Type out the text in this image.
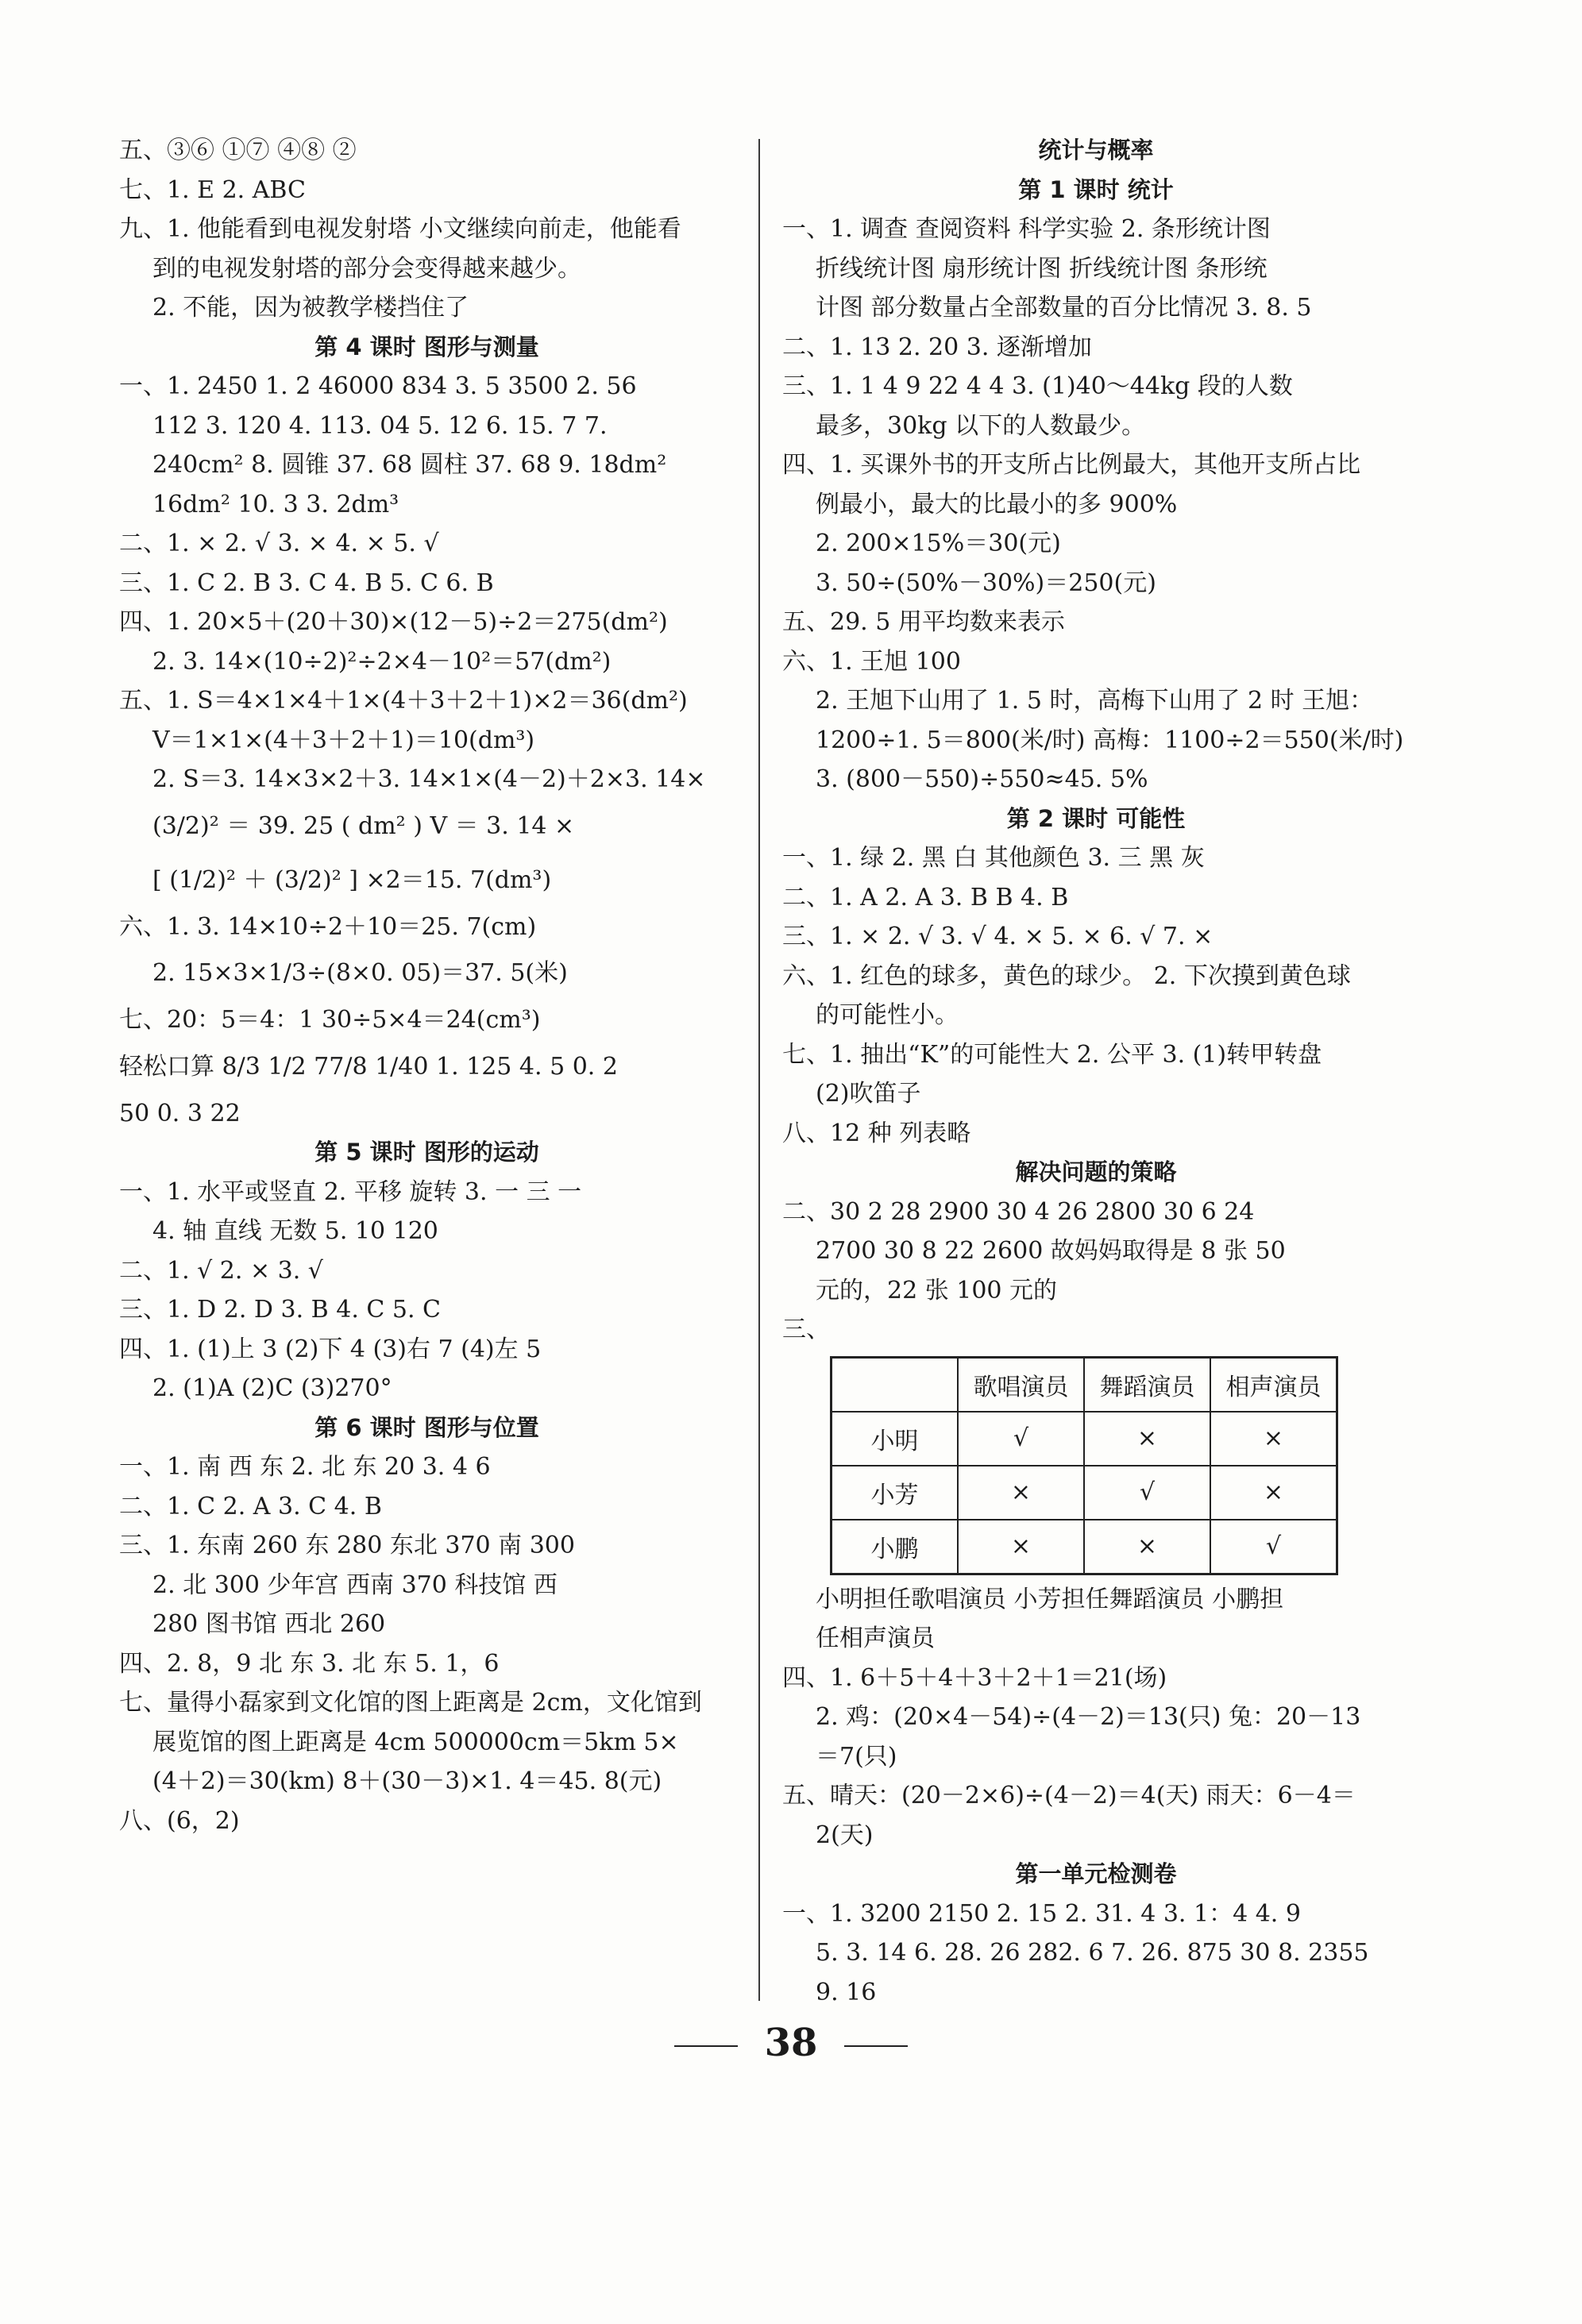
五、③⑥ ①⑦ ④⑧ ②
七、1. E 2. ABC
九、1. 他能看到电视发射塔 小文继续向前走，他能看
到的电视发射塔的部分会变得越来越少。
2. 不能，因为被教学楼挡住了
第 4 课时 图形与测量
一、1. 2450 1. 2 46000 834 3. 5 3500 2. 56
112 3. 120 4. 113. 04 5. 12 6. 15. 7 7.
240cm² 8. 圆锥 37. 68 圆柱 37. 68 9. 18dm²
16dm² 10. 3 3. 2dm³
二、1. × 2. √ 3. × 4. × 5. √
三、1. C 2. B 3. C 4. B 5. C 6. B
四、1. 20×5＋(20＋30)×(12－5)÷2＝275(dm²)
2. 3. 14×(10÷2)²÷2×4－10²＝57(dm²)
五、1. S＝4×1×4＋1×(4＋3＋2＋1)×2＝36(dm²)
V＝1×1×(4＋3＋2＋1)＝10(dm³)
2. S＝3. 14×3×2＋3. 14×1×(4－2)＋2×3. 14×
(3/2)² ＝ 39. 25 ( dm² ) V ＝ 3. 14 ×
[ (1/2)² ＋ (3/2)² ] ×2＝15. 7(dm³)
六、1. 3. 14×10÷2＋10＝25. 7(cm)
2. 15×3×1/3÷(8×0. 05)＝37. 5(米)
七、20：5＝4：1 30÷5×4＝24(cm³)
轻松口算 8/3 1/2 77/8 1/40 1. 125 4. 5 0. 2
50 0. 3 22
第 5 课时 图形的运动
一、1. 水平或竖直 2. 平移 旋转 3. 一 三 一
4. 轴 直线 无数 5. 10 120
二、1. √ 2. × 3. √
三、1. D 2. D 3. B 4. C 5. C
四、1. (1)上 3 (2)下 4 (3)右 7 (4)左 5
2. (1)A (2)C (3)270°
第 6 课时 图形与位置
一、1. 南 西 东 2. 北 东 20 3. 4 6
二、1. C 2. A 3. C 4. B
三、1. 东南 260 东 280 东北 370 南 300
2. 北 300 少年宫 西南 370 科技馆 西
280 图书馆 西北 260
四、2. 8，9 北 东 3. 北 东 5. 1，6
七、量得小磊家到文化馆的图上距离是 2cm，文化馆到
展览馆的图上距离是 4cm 500000cm＝5km 5×
(4＋2)＝30(km) 8＋(30－3)×1. 4＝45. 8(元)
八、(6，2)
统计与概率
第 1 课时 统计
一、1. 调查 查阅资料 科学实验 2. 条形统计图
折线统计图 扇形统计图 折线统计图 条形统
计图 部分数量占全部数量的百分比情况 3. 8. 5
二、1. 13 2. 20 3. 逐渐增加
三、1. 1 4 9 22 4 4 3. (1)40～44kg 段的人数
最多，30kg 以下的人数最少。
四、1. 买课外书的开支所占比例最大，其他开支所占比
例最小，最大的比最小的多 900%
2. 200×15%＝30(元)
3. 50÷(50%－30%)＝250(元)
五、29. 5 用平均数来表示
六、1. 王旭 100
2. 王旭下山用了 1. 5 时，高梅下山用了 2 时 王旭：
1200÷1. 5＝800(米/时) 高梅：1100÷2＝550(米/时)
3. (800－550)÷550≈45. 5%
第 2 课时 可能性
一、1. 绿 2. 黑 白 其他颜色 3. 三 黑 灰
二、1. A 2. A 3. B B 4. B
三、1. × 2. √ 3. √ 4. × 5. × 6. √ 7. ×
六、1. 红色的球多，黄色的球少。 2. 下次摸到黄色球
的可能性小。
七、1. 抽出“K”的可能性大 2. 公平 3. (1)转甲转盘
(2)吹笛子
八、12 种 列表略
解决问题的策略
二、30 2 28 2900 30 4 26 2800 30 6 24
2700 30 8 22 2600 故妈妈取得是 8 张 50
元的，22 张 100 元的
三、
	歌唱演员	舞蹈演员	相声演员
小明	√	×	×
小芳	×	√	×
小鹏	×	×	√
小明担任歌唱演员 小芳担任舞蹈演员 小鹏担
任相声演员
四、1. 6＋5＋4＋3＋2＋1＝21(场)
2. 鸡：(20×4－54)÷(4－2)＝13(只) 兔：20－13
＝7(只)
五、晴天：(20－2×6)÷(4－2)＝4(天) 雨天：6－4＝
2(天)
第一单元检测卷
一、1. 3200 2150 2. 15 2. 31. 4 3. 1：4 4. 9
5. 3. 14 6. 28. 26 282. 6 7. 26. 875 30 8. 2355
9. 16
38
